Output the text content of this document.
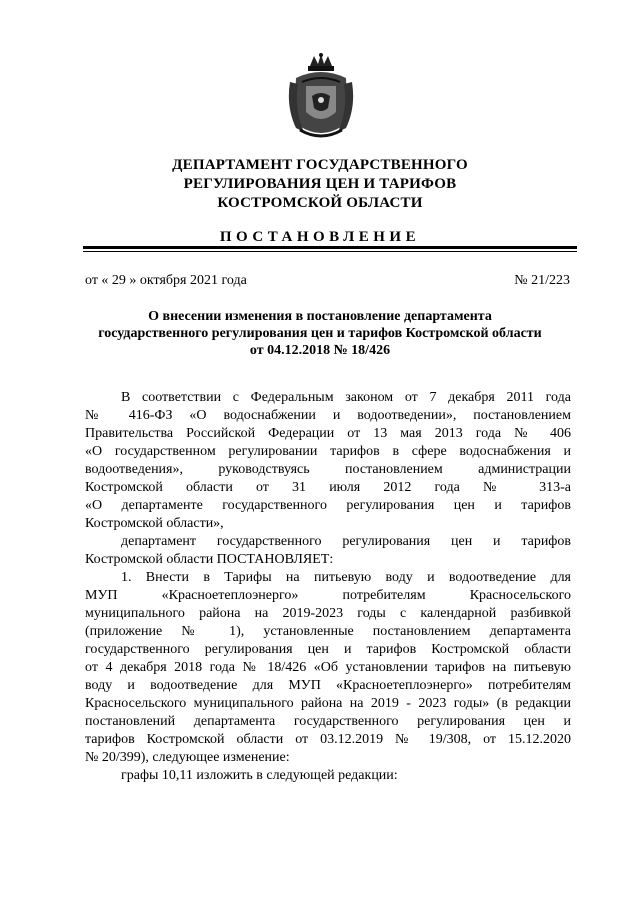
ДЕПАРТАМЕНТ ГОСУДАРСТВЕННОГО
РЕГУЛИРОВАНИЯ ЦЕН И ТАРИФОВ
КОСТРОМСКОЙ ОБЛАСТИ
ПОСТАНОВЛЕНИЕ
от « 29 » октября 2021 года	№ 21/223
О внесении изменения в постановление департамента
государственного регулирования цен и тарифов Костромской области
от 04.12.2018 № 18/426
В соответствии с Федеральным законом от 7 декабря 2011 года
№ 416-ФЗ «О водоснабжении и водоотведении», постановлением
Правительства Российской Федерации от 13 мая 2013 года № 406
«О государственном регулировании тарифов в сфере водоснабжения и
водоотведения», руководствуясь постановлением администрации
Костромской области от 31 июля 2012 года № 313-а
«О департаменте государственного регулирования цен и тарифов
Костромской области»,
департамент государственного регулирования цен и тарифов
Костромской области ПОСТАНОВЛЯЕТ:
1. Внести в Тарифы на питьевую воду и водоотведение для
МУП «Красноетеплоэнерго» потребителям Красносельского
муниципального района на 2019-2023 годы с календарной разбивкой
(приложение № 1), установленные постановлением департамента
государственного регулирования цен и тарифов Костромской области
от 4 декабря 2018 года № 18/426 «Об установлении тарифов на питьевую
воду и водоотведение для МУП «Красноетеплоэнерго» потребителям
Красносельского муниципального района на 2019 - 2023 годы» (в редакции
постановлений департамента государственного регулирования цен и
тарифов Костромской области от 03.12.2019 № 19/308, от 15.12.2020
№ 20/399), следующее изменение:
графы 10,11 изложить в следующей редакции:
